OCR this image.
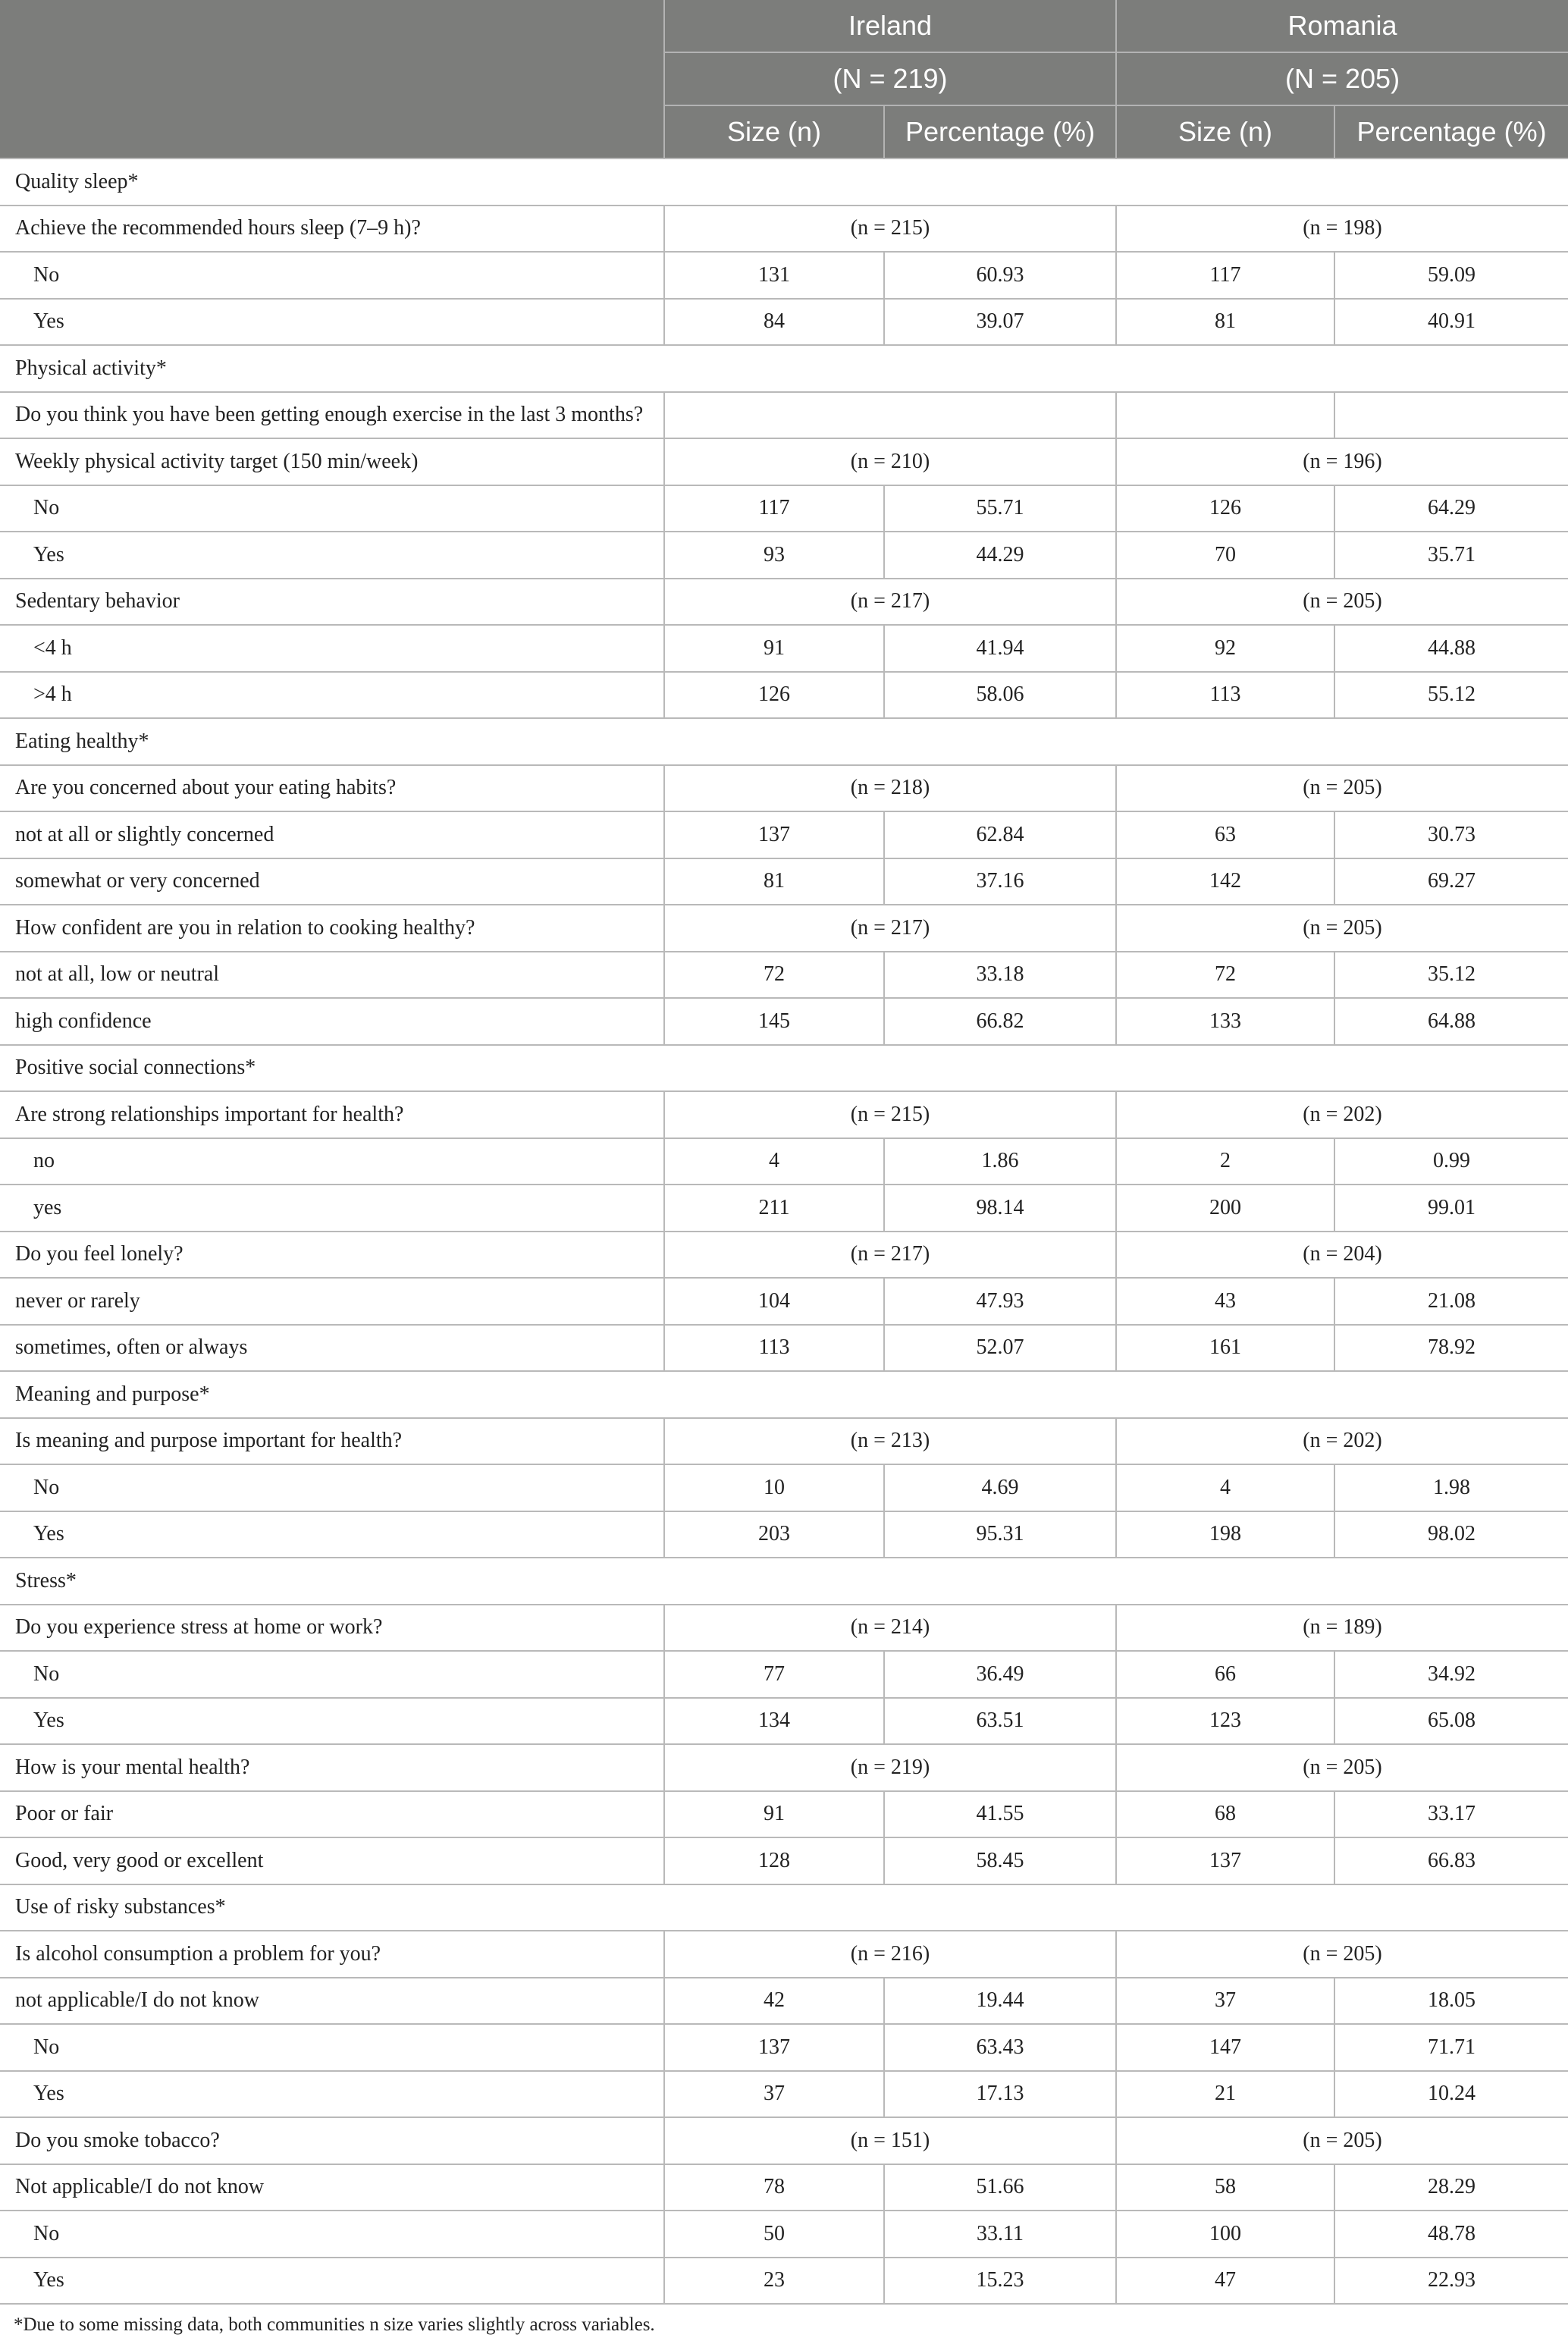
	Ireland		Romania	
	(N = 219)		(N = 205)	
	Size (n)	Percentage (%)	Size (n)	Percentage (%)
Quality sleep*				
Achieve the recommended hours sleep (7–9 h)?	(n = 215)		(n = 198)	
No	131	60.93	117	59.09
Yes	84	39.07	81	40.91
Physical activity*				
Do you think you have been getting enough exercise in the last 3 months?				
Weekly physical activity target (150 min/week)	(n = 210)		(n = 196)	
No	117	55.71	126	64.29
Yes	93	44.29	70	35.71
Sedentary behavior	(n = 217)		(n = 205)	
<4 h	91	41.94	92	44.88
>4 h	126	58.06	113	55.12
Eating healthy*				
Are you concerned about your eating habits?	(n = 218)		(n = 205)	
not at all or slightly concerned	137	62.84	63	30.73
somewhat or very concerned	81	37.16	142	69.27
How confident are you in relation to cooking healthy?	(n = 217)		(n = 205)	
not at all, low or neutral	72	33.18	72	35.12
high confidence	145	66.82	133	64.88
Positive social connections*				
Are strong relationships important for health?	(n = 215)		(n = 202)	
no	4	1.86	2	0.99
yes	211	98.14	200	99.01
Do you feel lonely?	(n = 217)		(n = 204)	
never or rarely	104	47.93	43	21.08
sometimes, often or always	113	52.07	161	78.92
Meaning and purpose*				
Is meaning and purpose important for health?	(n = 213)		(n = 202)	
No	10	4.69	4	1.98
Yes	203	95.31	198	98.02
Stress*				
Do you experience stress at home or work?	(n = 214)		(n = 189)	
No	77	36.49	66	34.92
Yes	134	63.51	123	65.08
How is your mental health?	(n = 219)		(n = 205)	
Poor or fair	91	41.55	68	33.17
Good, very good or excellent	128	58.45	137	66.83
Use of risky substances*				
Is alcohol consumption a problem for you?	(n = 216)		(n = 205)	
not applicable/I do not know	42	19.44	37	18.05
No	137	63.43	147	71.71
Yes	37	17.13	21	10.24
Do you smoke tobacco?	(n = 151)		(n = 205)	
Not applicable/I do not know	78	51.66	58	28.29
No	50	33.11	100	48.78
Yes	23	15.23	47	22.93
*Due to some missing data, both communities n size varies slightly across variables.
